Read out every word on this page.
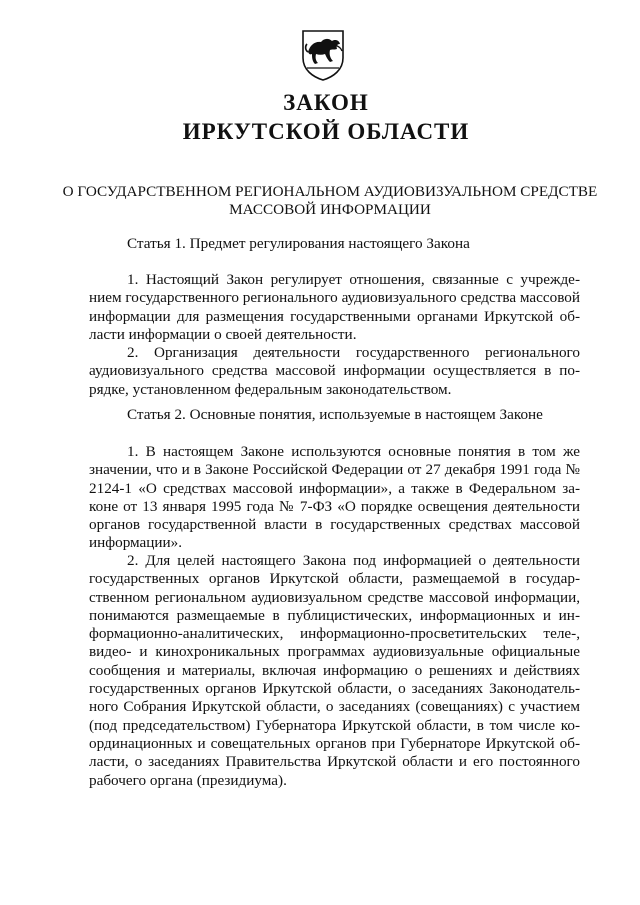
ЗАКОН
ИРКУТСКОЙ ОБЛАСТИ
О ГОСУДАРСТВЕННОМ РЕГИОНАЛЬНОМ АУДИОВИЗУАЛЬНОМ СРЕДСТВЕ МАССОВОЙ ИНФОРМАЦИИ
Статья 1. Предмет регулирования настоящего Закона

1. Настоящий Закон регулирует отношения, связанные с учреждением государственного регионального аудиовизуального средства массовой информации для размещения государственными органами Иркутской области информации о своей деятельности.

2. Организация деятельности государственного регионального аудиовизуального средства массовой информации осуществляется в порядке, установленном федеральным законодательством.

Статья 2. Основные понятия, используемые в настоящем Законе

1. В настоящем Законе используются основные понятия в том же значении, что и в Законе Российской Федерации от 27 декабря 1991 года № 2124-1 «О средствах массовой информации», а также в Федеральном законе от 13 января 1995 года № 7-ФЗ «О порядке освещения деятельности органов государственной власти в государственных средствах массовой информации».

2. Для целей настоящего Закона под информацией о деятельности государственных органов Иркутской области, размещаемой в государственном региональном аудиовизуальном средстве массовой информации, понимаются размещаемые в публицистических, информационных и информационно-аналитических, информационно-просветительских теле-, видео- и кинохроникальных программах аудиовизуальные официальные сообщения и материалы, включая информацию о решениях и действиях государственных органов Иркутской области, о заседаниях Законодательного Собрания Иркутской области, о заседаниях (совещаниях) с участием (под председательством) Губернатора Иркутской области, в том числе координационных и совещательных органов при Губернаторе Иркутской области, о заседаниях Правительства Иркутской области и его постоянного рабочего органа (президиума).
